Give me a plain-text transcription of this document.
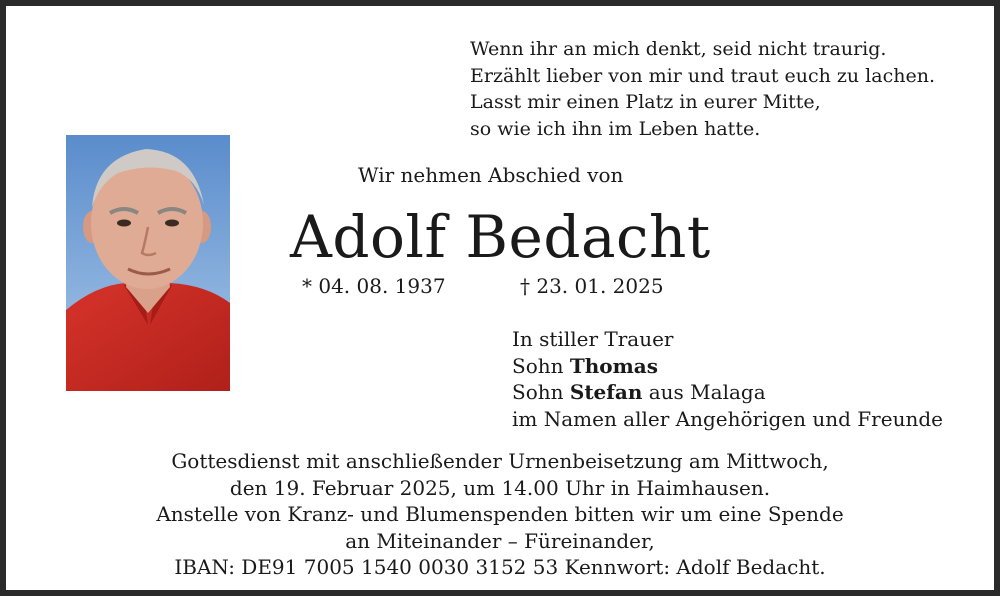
Wenn ihr an mich denkt, seid nicht traurig.
Erzählt lieber von mir und traut euch zu lachen.
Lasst mir einen Platz in eurer Mitte,
so wie ich ihn im Leben hatte.
Wir nehmen Abschied von
Adolf Bedacht
* 04. 08. 1937	† 23. 01. 2025
In stiller Trauer
Sohn Thomas
Sohn Stefan aus Malaga
im Namen aller Angehörigen und Freunde
Gottesdienst mit anschließender Urnenbeisetzung am Mittwoch,
den 19. Februar 2025, um 14.00 Uhr in Haimhausen.
Anstelle von Kranz- und Blumenspenden bitten wir um eine Spende
an Miteinander – Füreinander,
IBAN: DE91 7005 1540 0030 3152 53 Kennwort: Adolf Bedacht.
